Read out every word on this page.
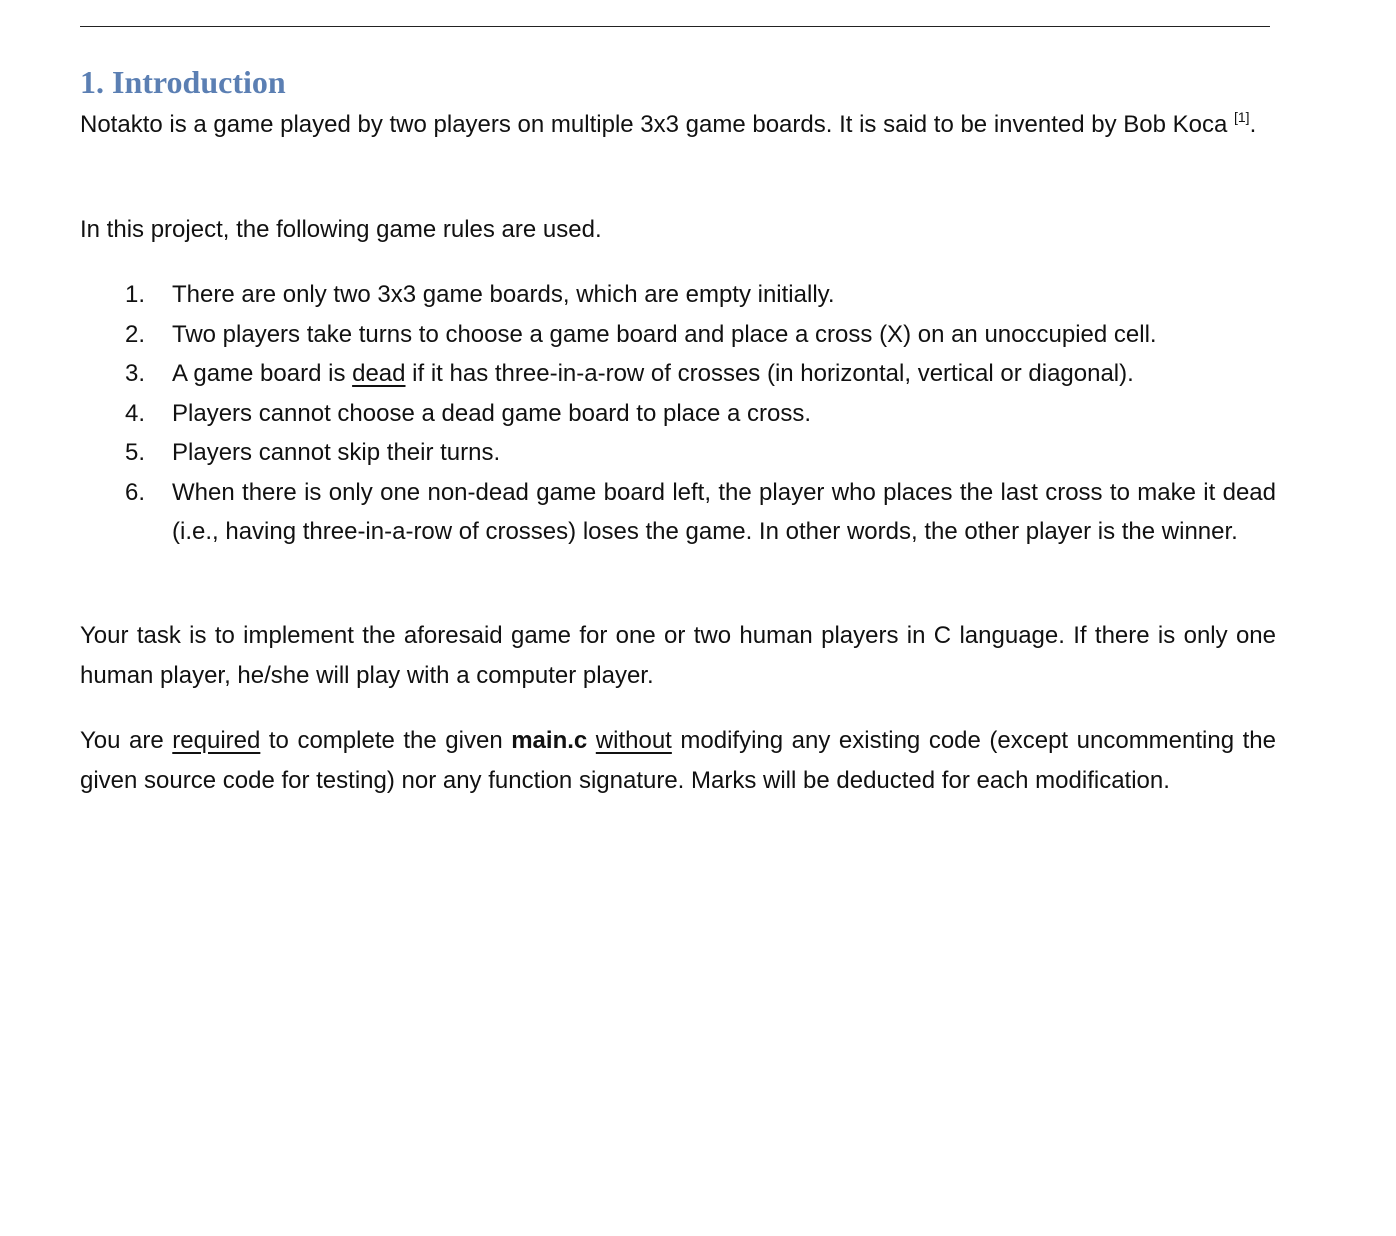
1. Introduction

Notakto is a game played by two players on multiple 3x3 game boards. It is said to be invented by Bob Koca [1].

In this project, the following game rules are used.

1. There are only two 3x3 game boards, which are empty initially.
2. Two players take turns to choose a game board and place a cross (X) on an unoccupied cell.
3. A game board is dead if it has three-in-a-row of crosses (in horizontal, vertical or diagonal).
4. Players cannot choose a dead game board to place a cross.
5. Players cannot skip their turns.
6. When there is only one non-dead game board left, the player who places the last cross to make it dead (i.e., having three-in-a-row of crosses) loses the game. In other words, the other player is the winner.

Your task is to implement the aforesaid game for one or two human players in C language. If there is only one human player, he/she will play with a computer player.

You are required to complete the given main.c without modifying any existing code (except uncommenting the given source code for testing) nor any function signature. Marks will be deducted for each modification.
